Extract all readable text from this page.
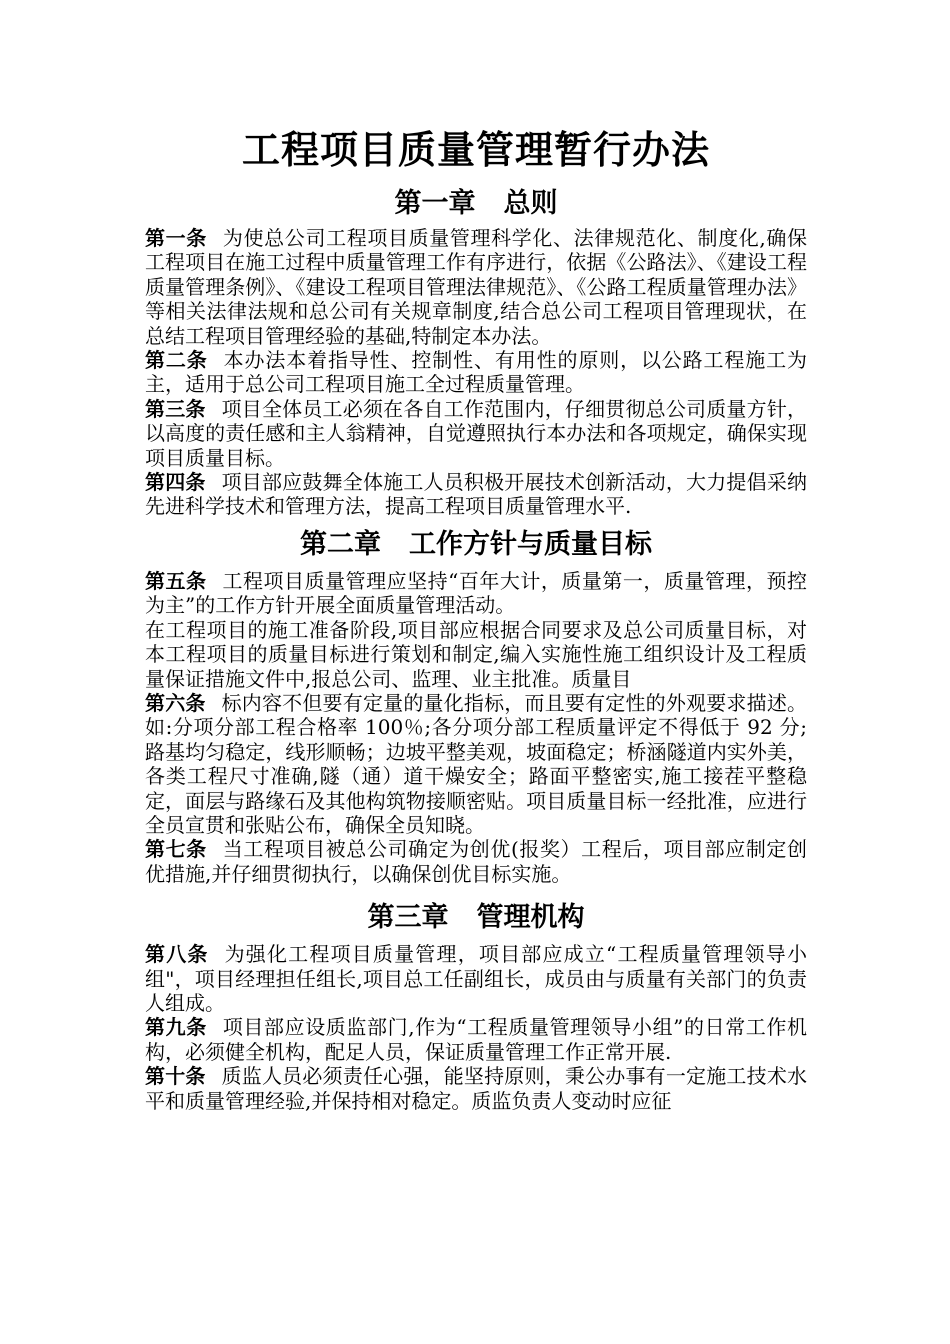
工程项目质量管理暂行办法
第一章 总则

第一条 为使总公司工程项目质量管理科学化、法律规范化、制度化,确保工程项目在施工过程中质量管理工作有序进行，依据《公路法》、《建设工程质量管理条例》、《建设工程项目管理法律规范》、《公路工程质量管理办法》等相关法律法规和总公司有关规章制度,结合总公司工程项目管理现状，在总结工程项目管理经验的基础,特制定本办法。

第二条 本办法本着指导性、控制性、有用性的原则，以公路工程施工为主，适用于总公司工程项目施工全过程质量管理。

第三条 项目全体员工必须在各自工作范围内，仔细贯彻总公司质量方针，以高度的责任感和主人翁精神，自觉遵照执行本办法和各项规定，确保实现项目质量目标。

第四条 项目部应鼓舞全体施工人员积极开展技术创新活动，大力提倡采纳先进科学技术和管理方法，提高工程项目质量管理水平.

第二章 工作方针与质量目标

第五条 工程项目质量管理应坚持“百年大计，质量第一，质量管理，预控为主”的工作方针开展全面质量管理活动。

在工程项目的施工准备阶段,项目部应根据合同要求及总公司质量目标，对本工程项目的质量目标进行策划和制定,编入实施性施工组织设计及工程质量保证措施文件中,报总公司、监理、业主批准。质量目

第六条 标内容不但要有定量的量化指标，而且要有定性的外观要求描述。如:分项分部工程合格率 100％;各分项分部工程质量评定不得低于 92 分;路基均匀稳定，线形顺畅；边坡平整美观，坡面稳定；桥涵隧道内实外美，各类工程尺寸准确,隧（通）道干燥安全；路面平整密实,施工接茬平整稳定，面层与路缘石及其他构筑物接顺密贴。项目质量目标一经批准，应进行全员宣贯和张贴公布，确保全员知晓。

第七条 当工程项目被总公司确定为创优(报奖）工程后，项目部应制定创优措施,并仔细贯彻执行，以确保创优目标实施。

第三章 管理机构

第八条 为强化工程项目质量管理，项目部应成立“工程质量管理领导小组"，项目经理担任组长,项目总工任副组长，成员由与质量有关部门的负责人组成。

第九条 项目部应设质监部门,作为“工程质量管理领导小组”的日常工作机构，必须健全机构，配足人员，保证质量管理工作正常开展.

第十条 质监人员必须责任心强，能坚持原则，秉公办事有一定施工技术水平和质量管理经验,并保持相对稳定。质监负责人变动时应征
